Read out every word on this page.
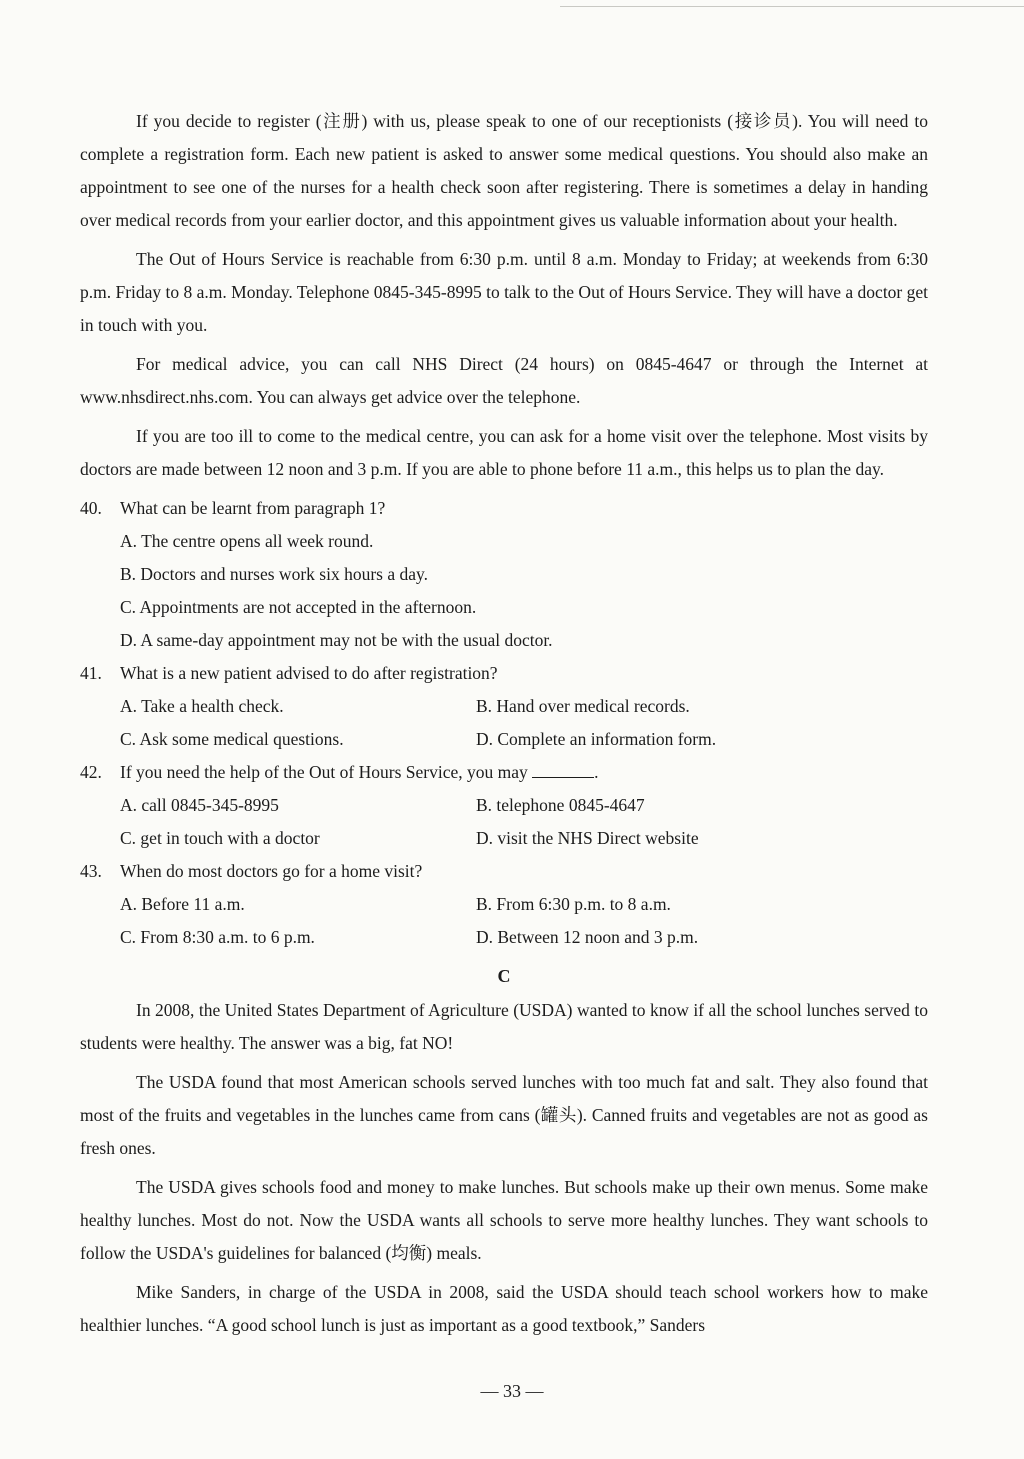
If you decide to register (注册) with us, please speak to one of our receptionists (接诊员). You will need to complete a registration form. Each new patient is asked to answer some medical questions. You should also make an appointment to see one of the nurses for a health check soon after registering. There is sometimes a delay in handing over medical records from your earlier doctor, and this appointment gives us valuable information about your health.

The Out of Hours Service is reachable from 6:30 p.m. until 8 a.m. Monday to Friday; at weekends from 6:30 p.m. Friday to 8 a.m. Monday. Telephone 0845-345-8995 to talk to the Out of Hours Service. They will have a doctor get in touch with you.

For medical advice, you can call NHS Direct (24 hours) on 0845-4647 or through the Internet at www.nhsdirect.nhs.com. You can always get advice over the telephone.

If you are too ill to come to the medical centre, you can ask for a home visit over the telephone. Most visits by doctors are made between 12 noon and 3 p.m. If you are able to phone before 11 a.m., this helps us to plan the day.

40. What can be learnt from paragraph 1?

A. The centre opens all week round.

B. Doctors and nurses work six hours a day.

C. Appointments are not accepted in the afternoon.

D. A same-day appointment may not be with the usual doctor.

41. What is a new patient advised to do after registration?

A. Take a health check.	B. Hand over medical records.
C. Ask some medical questions.	D. Complete an information form.

42. If you need the help of the Out of Hours Service, you may	.

A. call 0845-345-8995	B. telephone 0845-4647
C. get in touch with a doctor	D. visit the NHS Direct website

43. When do most doctors go for a home visit?

A. Before 11 a.m.	B. From 6:30 p.m. to 8 a.m.
C. From 8:30 a.m. to 6 p.m.	D. Between 12 noon and 3 p.m.
C

In 2008, the United States Department of Agriculture (USDA) wanted to know if all the school lunches served to students were healthy. The answer was a big, fat NO!

The USDA found that most American schools served lunches with too much fat and salt. They also found that most of the fruits and vegetables in the lunches came from cans (罐头). Canned fruits and vegetables are not as good as fresh ones.

The USDA gives schools food and money to make lunches. But schools make up their own menus. Some make healthy lunches. Most do not. Now the USDA wants all schools to serve more healthy lunches. They want schools to follow the USDA's guidelines for balanced (均衡) meals.

Mike Sanders, in charge of the USDA in 2008, said the USDA should teach school workers how to make healthier lunches. “A good school lunch is just as important as a good textbook,” Sanders

— 33 —
